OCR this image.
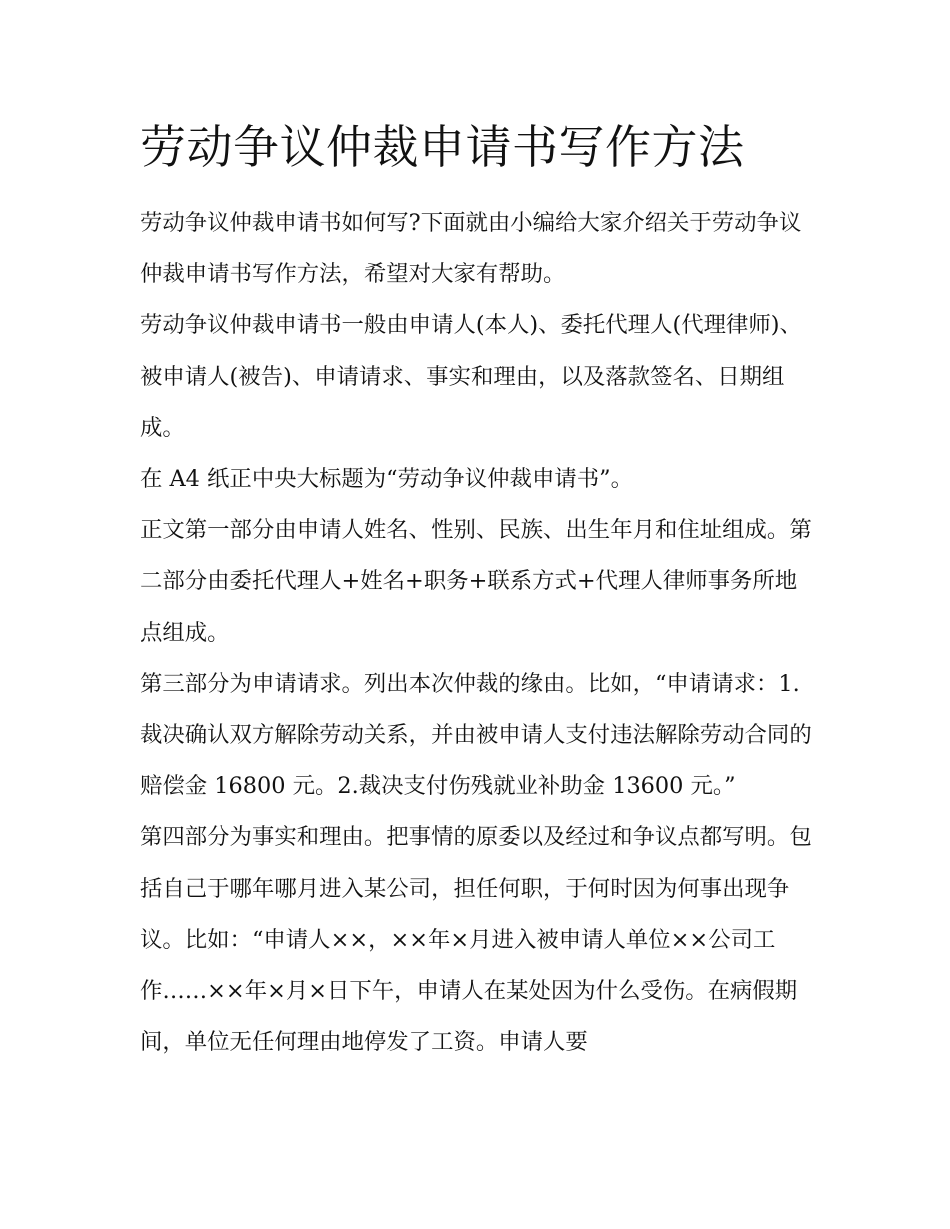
劳动争议仲裁申请书写作方法

劳动争议仲裁申请书如何写?下面就由小编给大家介绍关于劳动争议仲裁申请书写作方法，希望对大家有帮助。

劳动争议仲裁申请书一般由申请人(本人)、委托代理人(代理律师)、被申请人(被告)、申请请求、事实和理由，以及落款签名、日期组成。

在 A4 纸正中央大标题为“劳动争议仲裁申请书”。

正文第一部分由申请人姓名、性别、民族、出生年月和住址组成。第二部分由委托代理人+姓名+职务+联系方式+代理人律师事务所地点组成。

第三部分为申请请求。列出本次仲裁的缘由。比如，“申请请求：1.裁决确认双方解除劳动关系，并由被申请人支付违法解除劳动合同的赔偿金 16800 元。2.裁决支付伤残就业补助金 13600 元。”

第四部分为事实和理由。把事情的原委以及经过和争议点都写明。包括自己于哪年哪月进入某公司，担任何职，于何时因为何事出现争议。比如：“申请人××，××年×月进入被申请人单位××公司工作……××年×月×日下午，申请人在某处因为什么受伤。在病假期间，单位无任何理由地停发了工资。申请人要
